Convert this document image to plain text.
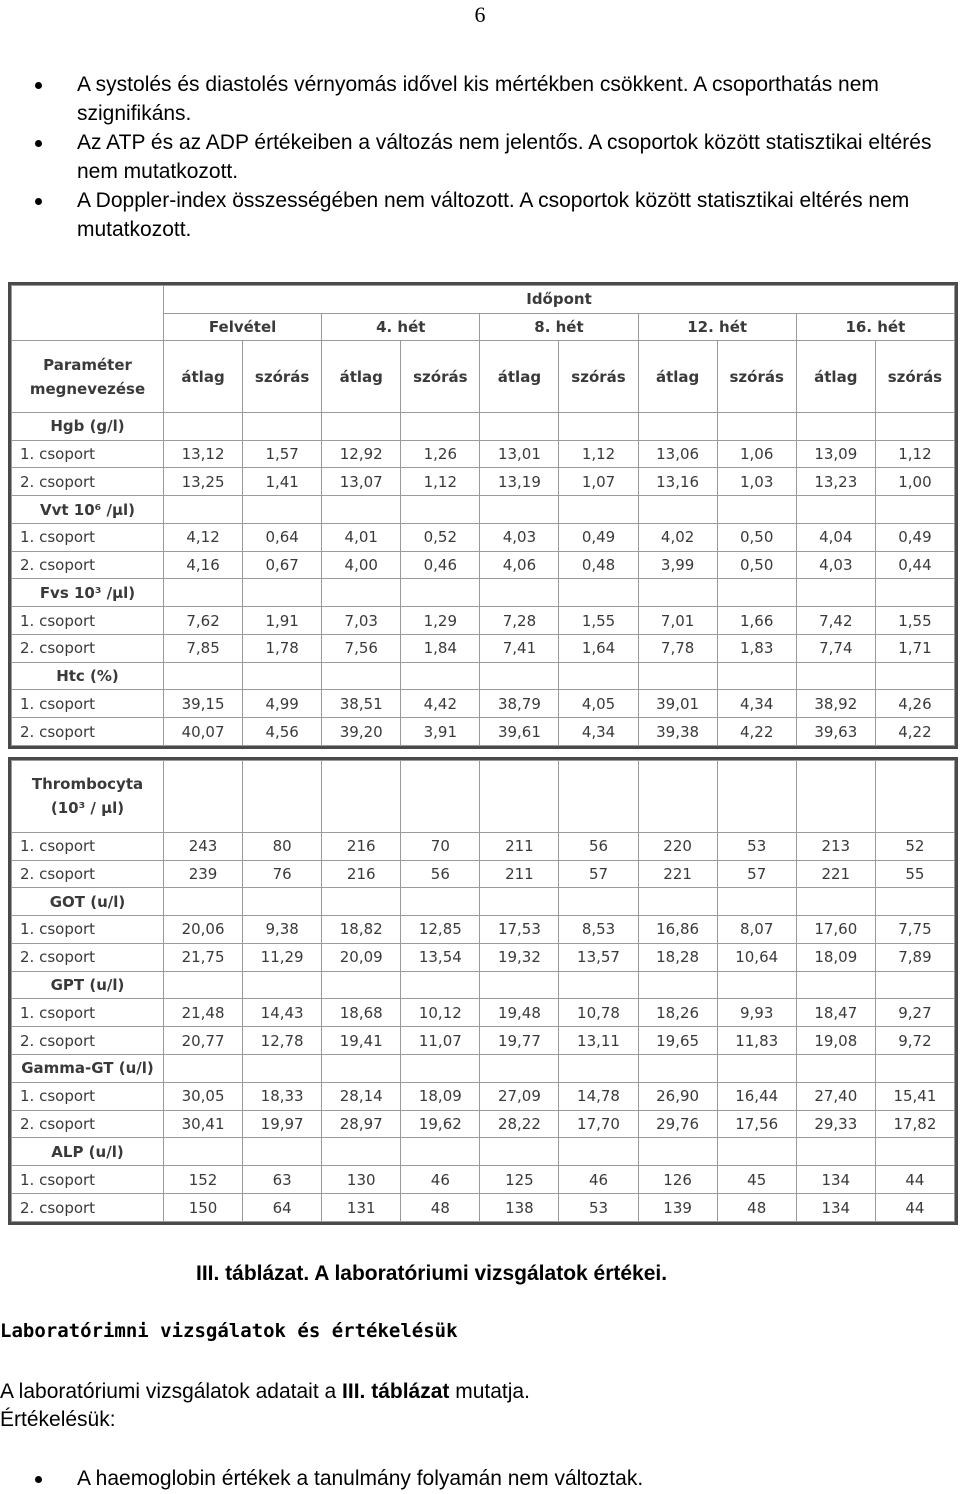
6
A systolés és diastolés vérnyomás idővel kis mértékben csökkent. A csoporthatás nem szignifikáns.
Az ATP és az ADP értékeiben a változás nem jelentős. A csoportok között statisztikai eltérés nem mutatkozott.
A Doppler-index összességében nem változott. A csoportok között statisztikai eltérés nem mutatkozott.
	Időpont									
	Felvétel		4. hét		8. hét		12. hét		16. hét	

Paraméter
megnevezése	átlag	szórás	átlag	szórás	átlag	szórás	átlag	szórás	átlag	szórás
Hgb (g/l)										
1. csoport	13,12	1,57	12,92	1,26	13,01	1,12	13,06	1,06	13,09	1,12
2. csoport	13,25	1,41	13,07	1,12	13,19	1,07	13,16	1,03	13,23	1,00
Vvt 10⁶ /µl)										
1. csoport	4,12	0,64	4,01	0,52	4,03	0,49	4,02	0,50	4,04	0,49
2. csoport	4,16	0,67	4,00	0,46	4,06	0,48	3,99	0,50	4,03	0,44
Fvs 10³ /µl)										
1. csoport	7,62	1,91	7,03	1,29	7,28	1,55	7,01	1,66	7,42	1,55
2. csoport	7,85	1,78	7,56	1,84	7,41	1,64	7,78	1,83	7,74	1,71
Htc (%)										
1. csoport	39,15	4,99	38,51	4,42	38,79	4,05	39,01	4,34	38,92	4,26
2. csoport	40,07	4,56	39,20	3,91	39,61	4,34	39,38	4,22	39,63	4,22
Thrombocyta
(10³ / µl)										

1. csoport	243	80	216	70	211	56	220	53	213	52
2. csoport	239	76	216	56	211	57	221	57	221	55
GOT (u/l)										
1. csoport	20,06	9,38	18,82	12,85	17,53	8,53	16,86	8,07	17,60	7,75
2. csoport	21,75	11,29	20,09	13,54	19,32	13,57	18,28	10,64	18,09	7,89
GPT (u/l)										
1. csoport	21,48	14,43	18,68	10,12	19,48	10,78	18,26	9,93	18,47	9,27
2. csoport	20,77	12,78	19,41	11,07	19,77	13,11	19,65	11,83	19,08	9,72
Gamma-GT (u/l)										
1. csoport	30,05	18,33	28,14	18,09	27,09	14,78	26,90	16,44	27,40	15,41
2. csoport	30,41	19,97	28,97	19,62	28,22	17,70	29,76	17,56	29,33	17,82
ALP (u/l)										
1. csoport	152	63	130	46	125	46	126	45	134	44
2. csoport	150	64	131	48	138	53	139	48	134	44
III. táblázat. A laboratóriumi vizsgálatok értékei.
Laboratórimni vizsgálatok és értékelésük
A laboratóriumi vizsgálatok adatait a III. táblázat mutatja.
Értékelésük:
A haemoglobin értékek a tanulmány folyamán nem változtak.
